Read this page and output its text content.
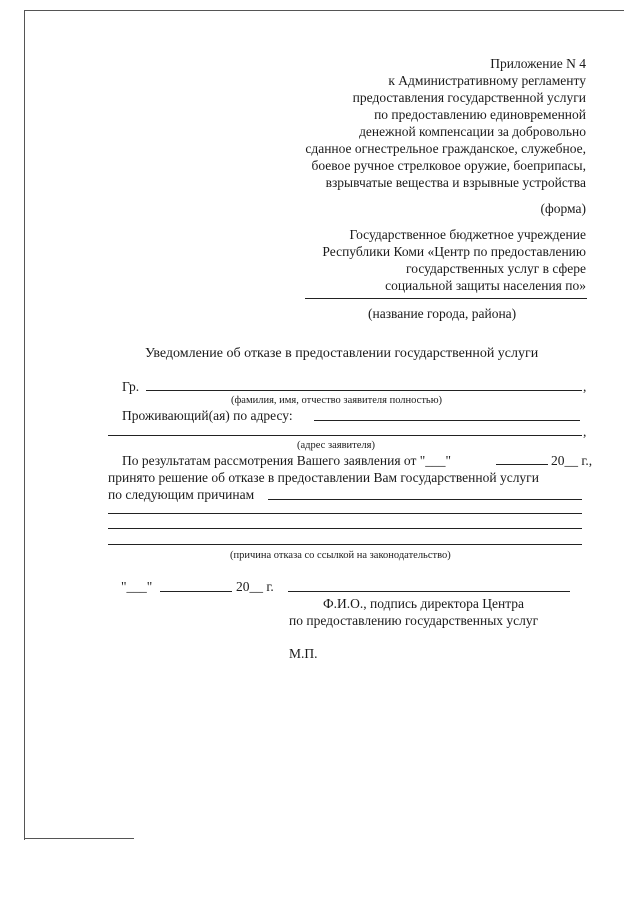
Приложение N 4
к Административному регламенту
предоставления государственной услуги
по предоставлению единовременной
денежной компенсации за добровольно
сданное огнестрельное гражданское, служебное,
боевое ручное стрелковое оружие, боеприпасы,
взрывчатые вещества и взрывные устройства
(форма)
Государственное бюджетное учреждение
Республики Коми «Центр по предоставлению
государственных услуг в сфере
социальной защиты населения по»
(название города, района)
Уведомление об отказе в предоставлении государственной услуги
Гр.	,
(фамилия, имя, отчество заявителя полностью)
Проживающий(ая) по адресу:
,
(адрес заявителя)
По результатам рассмотрения Вашего заявления от "___"	20__ г.,
принято решение об отказе в предоставлении Вам государственной услуги
по следующим причинам
(причина отказа со ссылкой на законодательство)
"___"	20__ г.
Ф.И.О., подпись директора Центра
по предоставлению государственных услуг
М.П.
